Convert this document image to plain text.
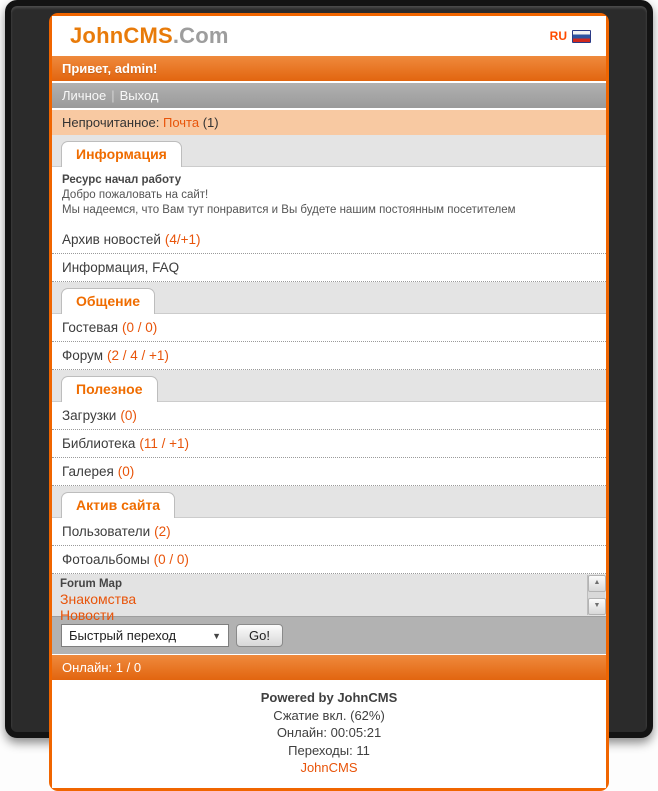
JohnCMS.Com	RU
Привет, admin!
Личное | Выход
Непрочитанное: Почта (1)
Информация
Ресурс начал работу
Добро пожаловать на сайт!
Мы надеемся, что Вам тут понравится и Вы будете нашим постоянным посетителем
Архив новостей (4/+1)
Информация, FAQ
Общение
Гостевая (0 / 0)
Форум (2 / 4 / +1)
Полезное
Загрузки (0)
Библиотека (11 / +1)
Галерея (0)
Актив сайта
Пользователи (2)
Фотоальбомы (0 / 0)
Forum Map
Знакомства
Новости
▲
▼
Быстрый переход	▼	Go!
Онлайн: 1 / 0
Powered by JohnCMS
Сжатие вкл. (62%)
Онлайн: 00:05:21
Переходы: 11
JohnCMS
